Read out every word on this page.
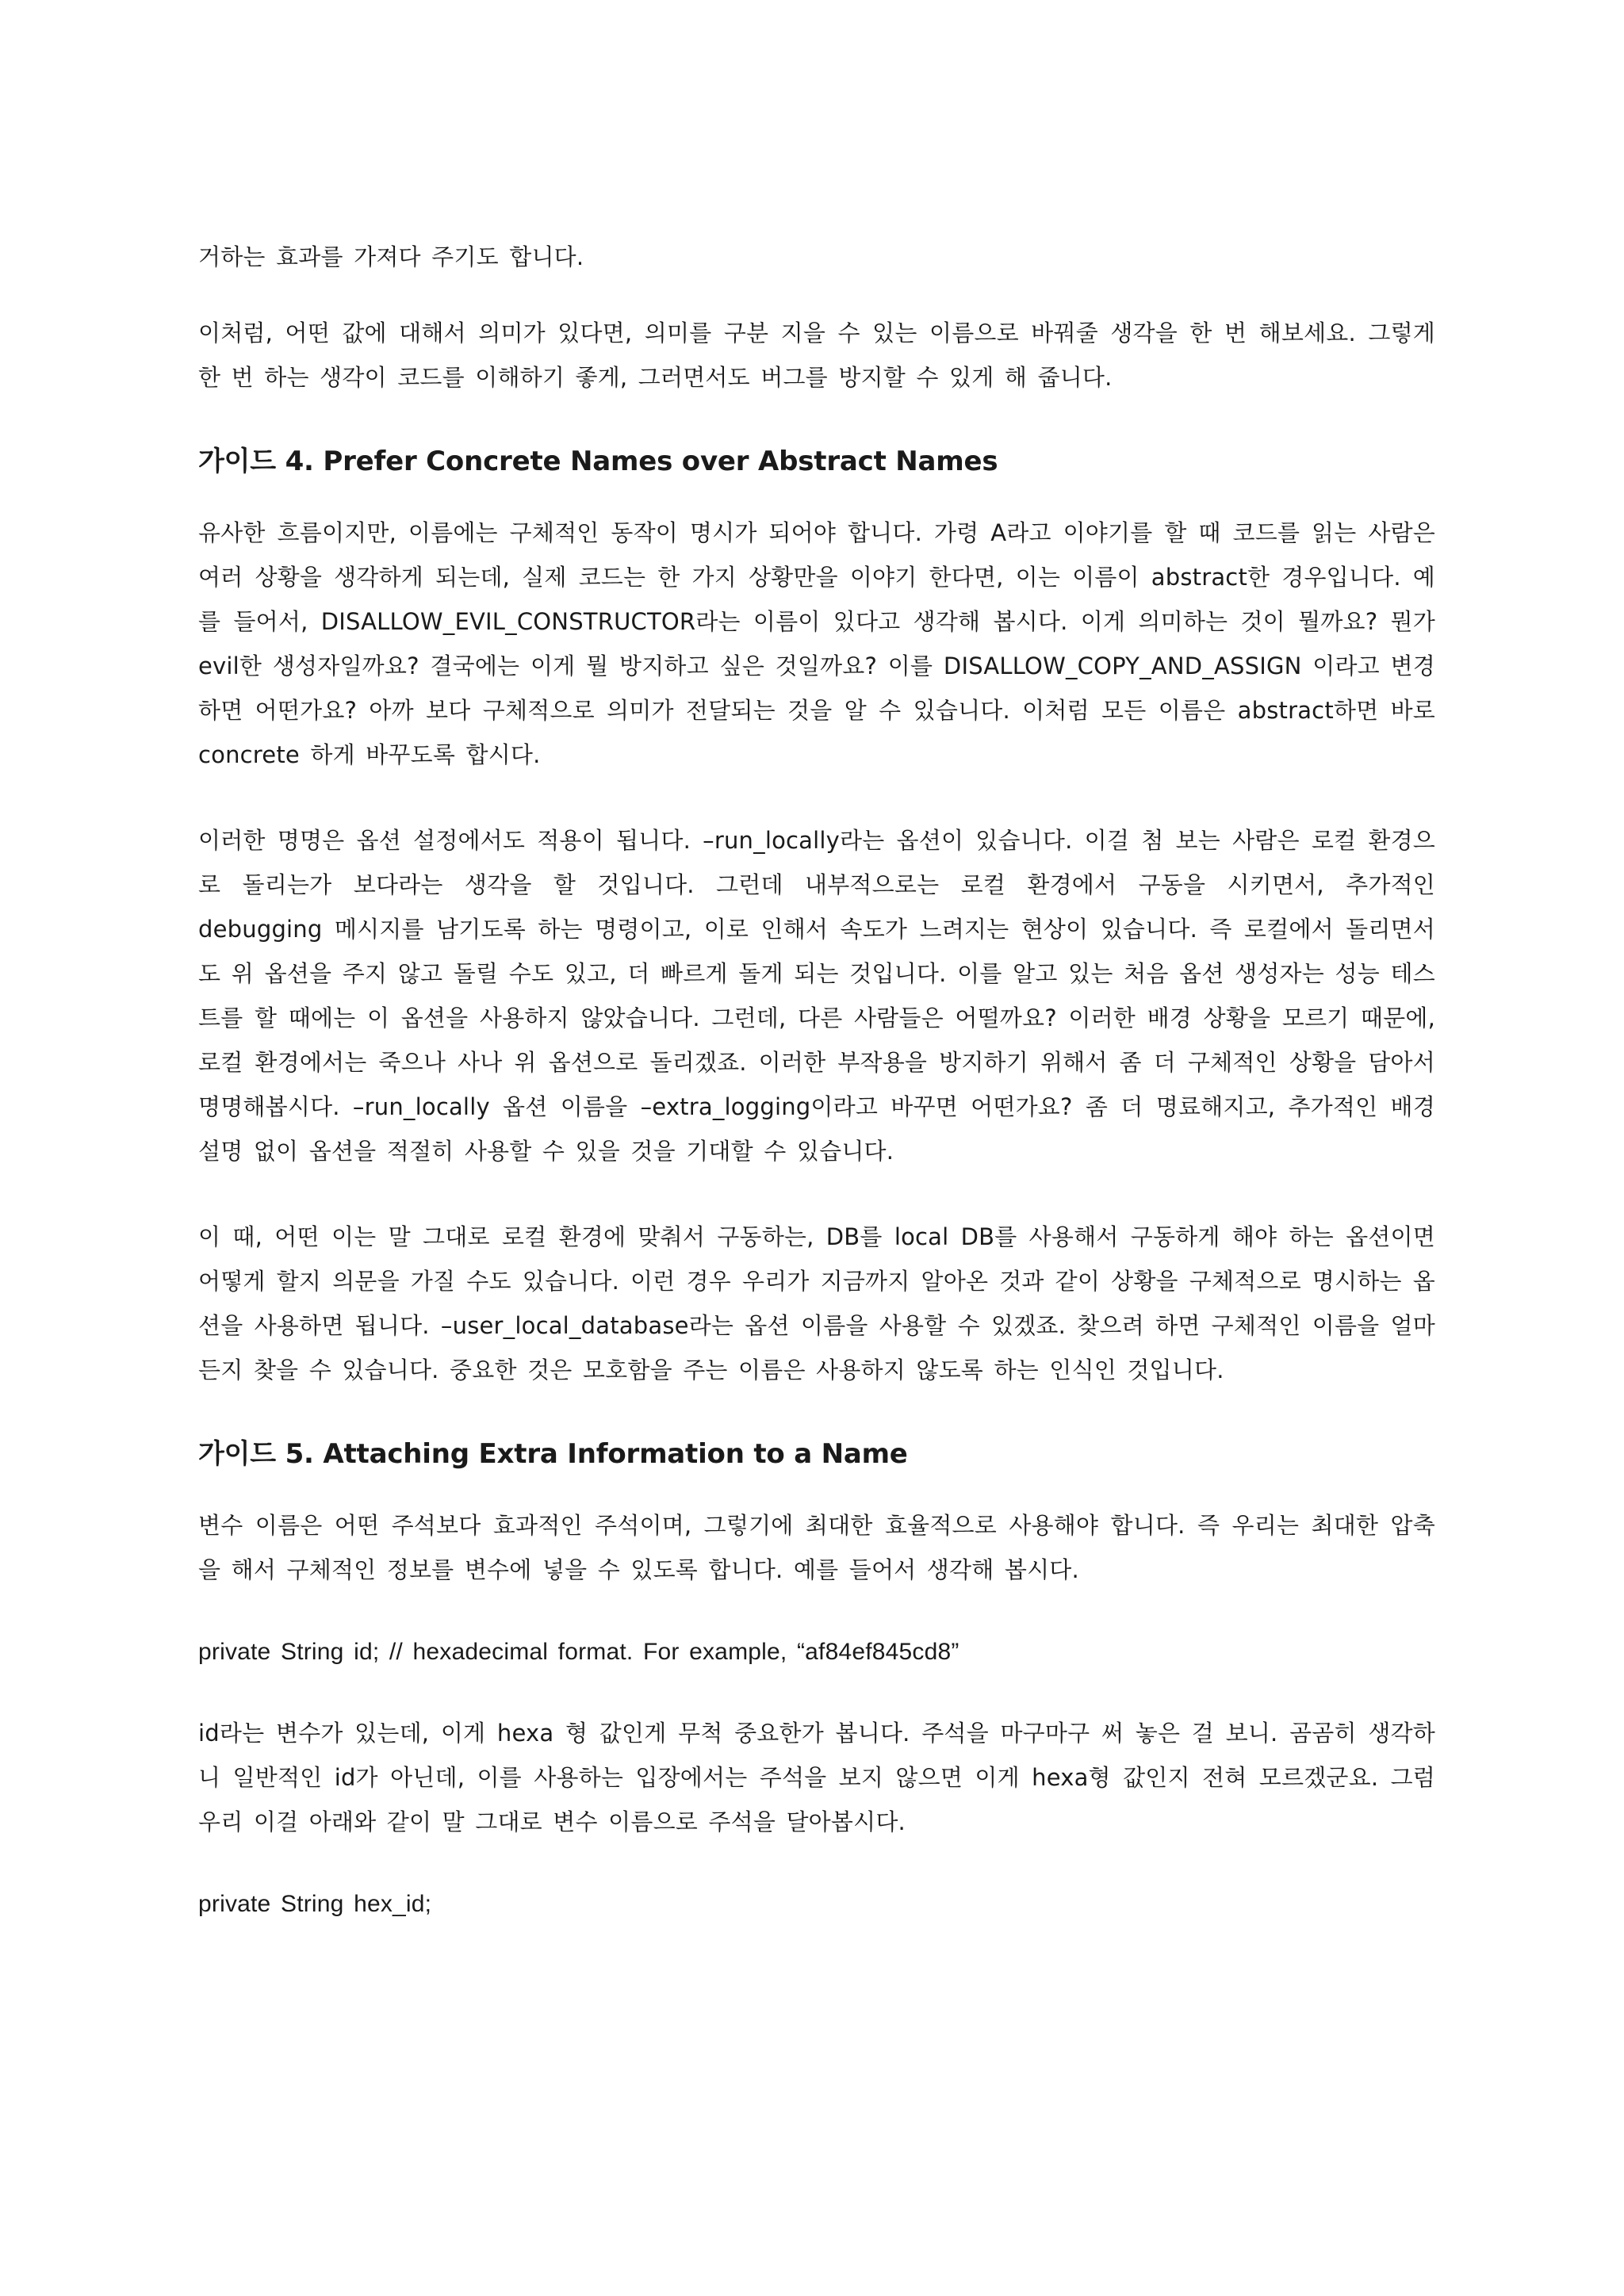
거하는 효과를 가져다 주기도 합니다.

이처럼, 어떤 값에 대해서 의미가 있다면, 의미를 구분 지을 수 있는 이름으로 바꿔줄 생각을 한 번 해보세요. 그렇게 한 번 하는 생각이 코드를 이해하기 좋게, 그러면서도 버그를 방지할 수 있게 해 줍니다.

가이드 4. Prefer Concrete Names over Abstract Names

유사한 흐름이지만, 이름에는 구체적인 동작이 명시가 되어야 합니다. 가령 A라고 이야기를 할 때 코드를 읽는 사람은 여러 상황을 생각하게 되는데, 실제 코드는 한 가지 상황만을 이야기 한다면, 이는 이름이 abstract한 경우입니다. 예를 들어서, DISALLOW_EVIL_CONSTRUCTOR라는 이름이 있다고 생각해 봅시다. 이게 의미하는 것이 뭘까요? 뭔가 evil한 생성자일까요? 결국에는 이게 뭘 방지하고 싶은 것일까요? 이를 DISALLOW_COPY_AND_ASSIGN 이라고 변경하면 어떤가요? 아까 보다 구체적으로 의미가 전달되는 것을 알 수 있습니다. 이처럼 모든 이름은 abstract하면 바로 concrete 하게 바꾸도록 합시다.

이러한 명명은 옵션 설정에서도 적용이 됩니다. –run_locally라는 옵션이 있습니다. 이걸 첨 보는 사람은 로컬 환경으로 돌리는가 보다라는 생각을 할 것입니다. 그런데 내부적으로는 로컬 환경에서 구동을 시키면서, 추가적인 debugging 메시지를 남기도록 하는 명령이고, 이로 인해서 속도가 느려지는 현상이 있습니다. 즉 로컬에서 돌리면서도 위 옵션을 주지 않고 돌릴 수도 있고, 더 빠르게 돌게 되는 것입니다. 이를 알고 있는 처음 옵션 생성자는 성능 테스트를 할 때에는 이 옵션을 사용하지 않았습니다. 그런데, 다른 사람들은 어떨까요? 이러한 배경 상황을 모르기 때문에, 로컬 환경에서는 죽으나 사나 위 옵션으로 돌리겠죠. 이러한 부작용을 방지하기 위해서 좀 더 구체적인 상황을 담아서 명명해봅시다. –run_locally 옵션 이름을 –extra_logging이라고 바꾸면 어떤가요? 좀 더 명료해지고, 추가적인 배경 설명 없이 옵션을 적절히 사용할 수 있을 것을 기대할 수 있습니다.

이 때, 어떤 이는 말 그대로 로컬 환경에 맞춰서 구동하는, DB를 local DB를 사용해서 구동하게 해야 하는 옵션이면 어떻게 할지 의문을 가질 수도 있습니다. 이런 경우 우리가 지금까지 알아온 것과 같이 상황을 구체적으로 명시하는 옵션을 사용하면 됩니다. –user_local_database라는 옵션 이름을 사용할 수 있겠죠. 찾으려 하면 구체적인 이름을 얼마든지 찾을 수 있습니다. 중요한 것은 모호함을 주는 이름은 사용하지 않도록 하는 인식인 것입니다.

가이드 5. Attaching Extra Information to a Name

변수 이름은 어떤 주석보다 효과적인 주석이며, 그렇기에 최대한 효율적으로 사용해야 합니다. 즉 우리는 최대한 압축을 해서 구체적인 정보를 변수에 넣을 수 있도록 합니다. 예를 들어서 생각해 봅시다.

private String id; // hexadecimal format. For example, “af84ef845cd8”

id라는 변수가 있는데, 이게 hexa 형 값인게 무척 중요한가 봅니다. 주석을 마구마구 써 놓은 걸 보니. 곰곰히 생각하니 일반적인 id가 아닌데, 이를 사용하는 입장에서는 주석을 보지 않으면 이게 hexa형 값인지 전혀 모르겠군요. 그럼 우리 이걸 아래와 같이 말 그대로 변수 이름으로 주석을 달아봅시다.

private String hex_id;
